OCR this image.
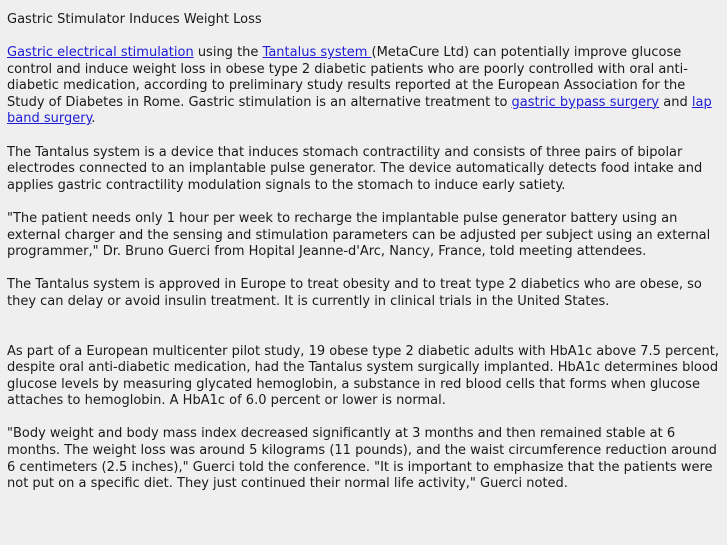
Gastric Stimulator Induces Weight Loss

Gastric electrical stimulation using the Tantalus system (MetaCure Ltd) can potentially improve glucose control and induce weight loss in obese type 2 diabetic patients who are poorly controlled with oral anti-diabetic medication, according to preliminary study results reported at the European Association for the Study of Diabetes in Rome. Gastric stimulation is an alternative treatment to gastric bypass surgery and lap band surgery.

The Tantalus system is a device that induces stomach contractility and consists of three pairs of bipolar electrodes connected to an implantable pulse generator. The device automatically detects food intake and applies gastric contractility modulation signals to the stomach to induce early satiety.

"The patient needs only 1 hour per week to recharge the implantable pulse generator battery using an external charger and the sensing and stimulation parameters can be adjusted per subject using an external programmer," Dr. Bruno Guerci from Hopital Jeanne-d'Arc, Nancy, France, told meeting attendees.

The Tantalus system is approved in Europe to treat obesity and to treat type 2 diabetics who are obese, so they can delay or avoid insulin treatment. It is currently in clinical trials in the United States.

As part of a European multicenter pilot study, 19 obese type 2 diabetic adults with HbA1c above 7.5 percent, despite oral anti-diabetic medication, had the Tantalus system surgically implanted. HbA1c determines blood glucose levels by measuring glycated hemoglobin, a substance in red blood cells that forms when glucose attaches to hemoglobin. A HbA1c of 6.0 percent or lower is normal.

"Body weight and body mass index decreased significantly at 3 months and then remained stable at 6 months. The weight loss was around 5 kilograms (11 pounds), and the waist circumference reduction around 6 centimeters (2.5 inches)," Guerci told the conference. "It is important to emphasize that the patients were not put on a specific diet. They just continued their normal life activity," Guerci noted.
